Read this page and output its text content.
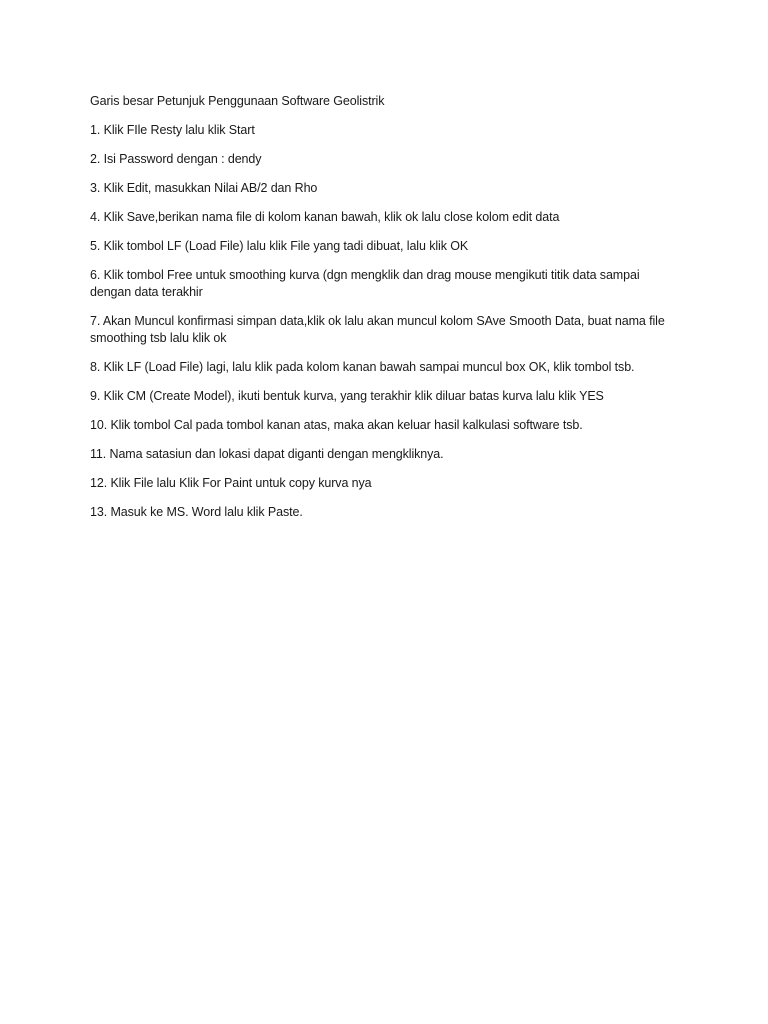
Garis besar Petunjuk Penggunaan Software Geolistrik

1. Klik FIle Resty lalu klik Start
2. Isi Password dengan : dendy
3. Klik Edit, masukkan Nilai AB/2 dan Rho
4. Klik Save,berikan nama file di kolom kanan bawah, klik ok lalu close kolom edit data
5. Klik tombol LF (Load File) lalu klik File yang tadi dibuat, lalu klik OK
6. Klik tombol Free untuk smoothing kurva (dgn mengklik dan drag mouse mengikuti titik data sampai dengan data terakhir
7. Akan Muncul konfirmasi simpan data,klik ok lalu akan muncul kolom SAve Smooth Data, buat nama file smoothing tsb lalu klik ok
8. Klik LF (Load File) lagi, lalu klik pada kolom kanan bawah sampai muncul box OK, klik tombol tsb.
9. Klik CM (Create Model), ikuti bentuk kurva, yang terakhir klik diluar batas kurva lalu klik YES
10. Klik tombol Cal pada tombol kanan atas, maka akan keluar hasil kalkulasi software tsb.
11. Nama satasiun dan lokasi dapat diganti dengan mengkliknya.
12. Klik File lalu Klik For Paint untuk copy kurva nya
13. Masuk ke MS. Word lalu klik Paste.
